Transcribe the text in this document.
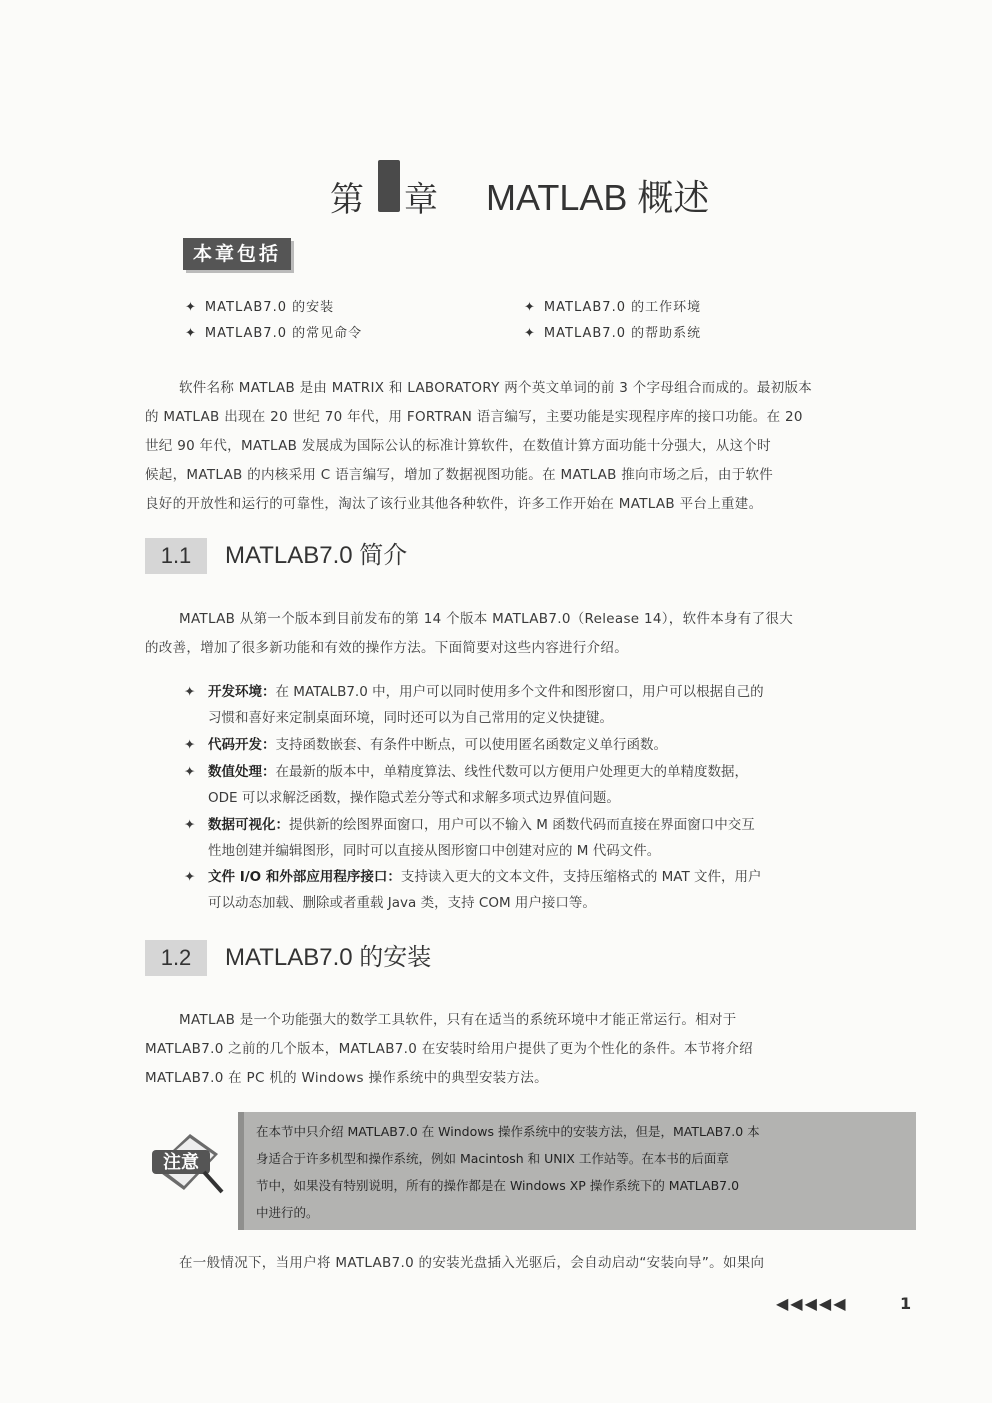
第 章 MATLAB 概述
本章包括
✦ MATLAB7.0 的安装	✦ MATLAB7.0 的工作环境
✦ MATLAB7.0 的常见命令	✦ MATLAB7.0 的帮助系统
软件名称 MATLAB 是由 MATRIX 和 LABORATORY 两个英文单词的前 3 个字母组合而成的。最初版本
的 MATLAB 出现在 20 世纪 70 年代，用 FORTRAN 语言编写，主要功能是实现程序库的接口功能。在 20
世纪 90 年代，MATLAB 发展成为国际公认的标准计算软件，在数值计算方面功能十分强大，从这个时
候起，MATLAB 的内核采用 C 语言编写，增加了数据视图功能。在 MATLAB 推向市场之后，由于软件
良好的开放性和运行的可靠性，淘汰了该行业其他各种软件，许多工作开始在 MATLAB 平台上重建。
1.1	MATLAB7.0 简介
MATLAB 从第一个版本到目前发布的第 14 个版本 MATLAB7.0（Release 14），软件本身有了很大
的改善，增加了很多新功能和有效的操作方法。下面简要对这些内容进行介绍。
✦ 开发环境：在 MATALB7.0 中，用户可以同时使用多个文件和图形窗口，用户可以根据自己的
习惯和喜好来定制桌面环境，同时还可以为自己常用的定义快捷键。
✦ 代码开发：支持函数嵌套、有条件中断点，可以使用匿名函数定义单行函数。
✦ 数值处理：在最新的版本中，单精度算法、线性代数可以方便用户处理更大的单精度数据，
ODE 可以求解泛函数，操作隐式差分等式和求解多项式边界值问题。
✦ 数据可视化：提供新的绘图界面窗口，用户可以不输入 M 函数代码而直接在界面窗口中交互
性地创建并编辑图形，同时可以直接从图形窗口中创建对应的 M 代码文件。
✦ 文件 I/O 和外部应用程序接口：支持读入更大的文本文件，支持压缩格式的 MAT 文件，用户
可以动态加载、删除或者重载 Java 类，支持 COM 用户接口等。
1.2	MATLAB7.0 的安装
MATLAB 是一个功能强大的数学工具软件，只有在适当的系统环境中才能正常运行。相对于
MATLAB7.0 之前的几个版本，MATLAB7.0 在安装时给用户提供了更为个性化的条件。本节将介绍
MATLAB7.0 在 PC 机的 Windows 操作系统中的典型安装方法。
注意
在本节中只介绍 MATLAB7.0 在 Windows 操作系统中的安装方法，但是，MATLAB7.0 本
身适合于许多机型和操作系统，例如 Macintosh 和 UNIX 工作站等。在本书的后面章
节中，如果没有特别说明，所有的操作都是在 Windows XP 操作系统下的 MATLAB7.0
中进行的。
在一般情况下，当用户将 MATLAB7.0 的安装光盘插入光驱后，会自动启动“安装向导”。如果向
◀◀◀◀◀	1
